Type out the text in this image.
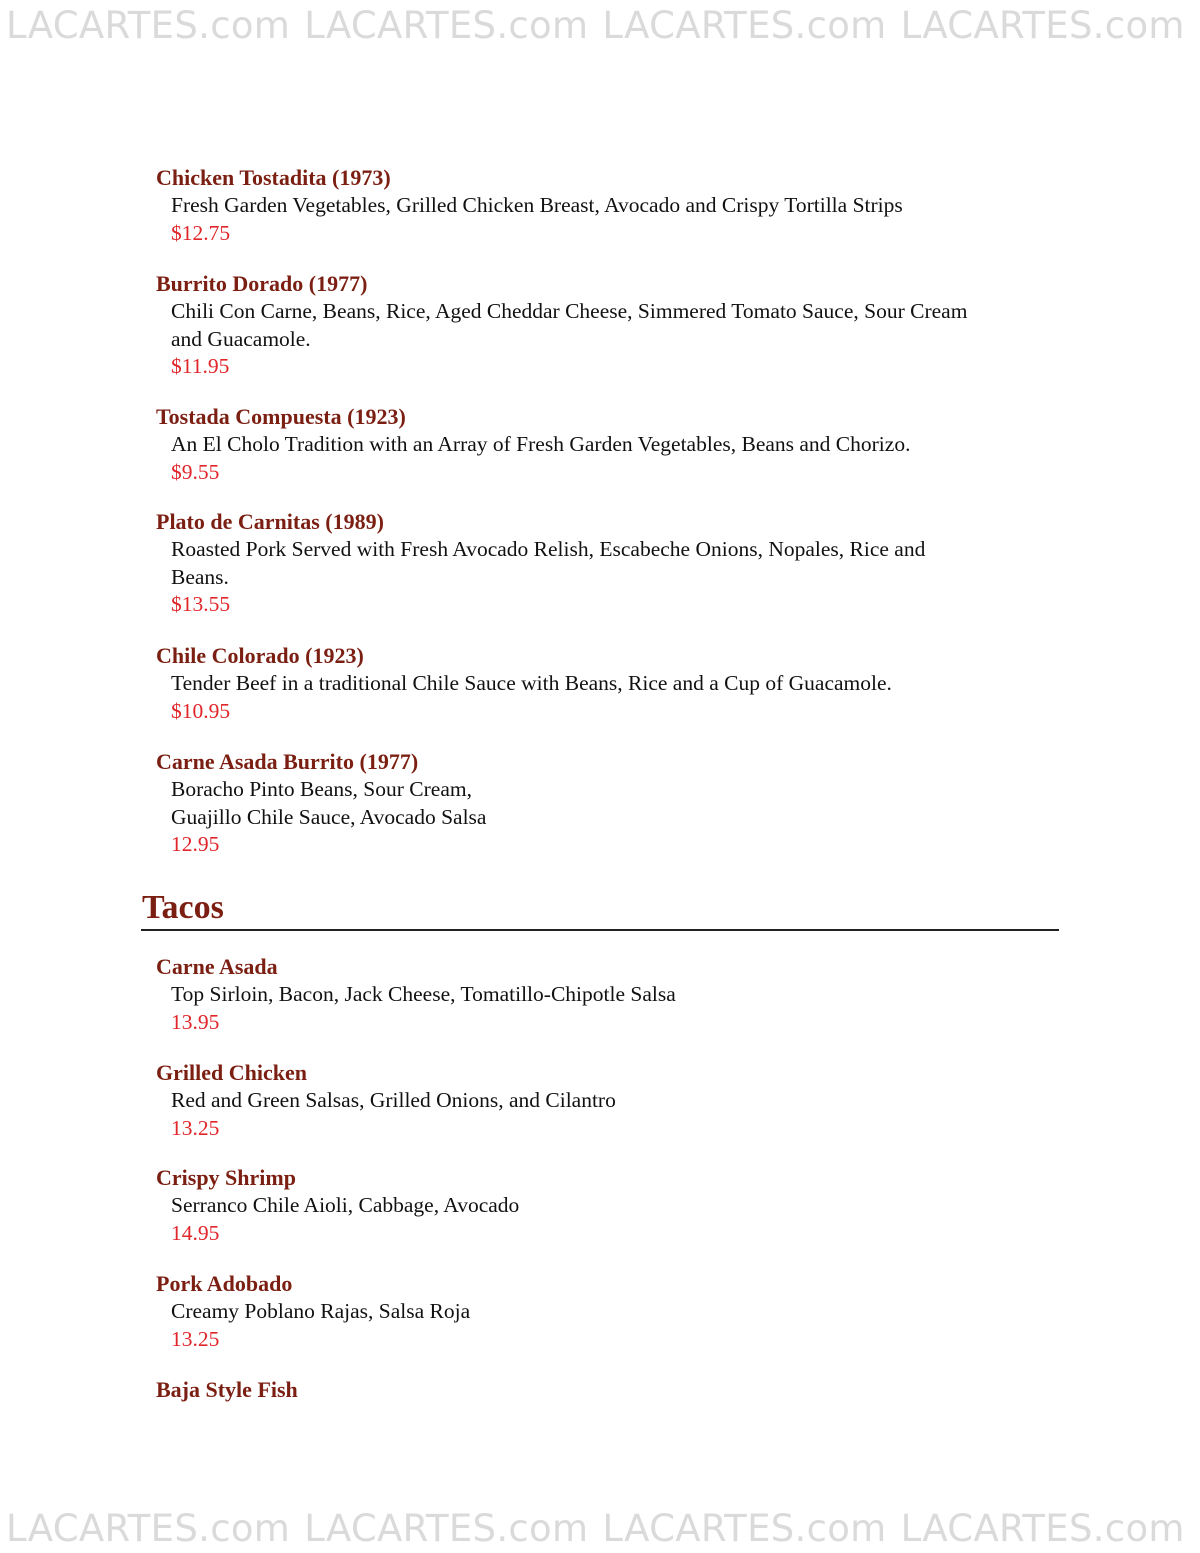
LACARTES.com LACARTES.com LACARTES.com LACARTES.com
Chicken Tostadita (1973)
Fresh Garden Vegetables, Grilled Chicken Breast, Avocado and Crispy Tortilla Strips
$12.75
Burrito Dorado (1977)
Chili Con Carne, Beans, Rice, Aged Cheddar Cheese, Simmered Tomato Sauce, Sour Cream
and Guacamole.
$11.95
Tostada Compuesta (1923)
An El Cholo Tradition with an Array of Fresh Garden Vegetables, Beans and Chorizo.
$9.55
Plato de Carnitas (1989)
Roasted Pork Served with Fresh Avocado Relish, Escabeche Onions, Nopales, Rice and
Beans.
$13.55
Chile Colorado (1923)
Tender Beef in a traditional Chile Sauce with Beans, Rice and a Cup of Guacamole.
$10.95
Carne Asada Burrito (1977)
Boracho Pinto Beans, Sour Cream,
Guajillo Chile Sauce, Avocado Salsa
12.95
Tacos
Carne Asada
Top Sirloin, Bacon, Jack Cheese, Tomatillo-Chipotle Salsa
13.95
Grilled Chicken
Red and Green Salsas, Grilled Onions, and Cilantro
13.25
Crispy Shrimp
Serranco Chile Aioli, Cabbage, Avocado
14.95
Pork Adobado
Creamy Poblano Rajas, Salsa Roja
13.25
Baja Style Fish
LACARTES.com LACARTES.com LACARTES.com LACARTES.com
